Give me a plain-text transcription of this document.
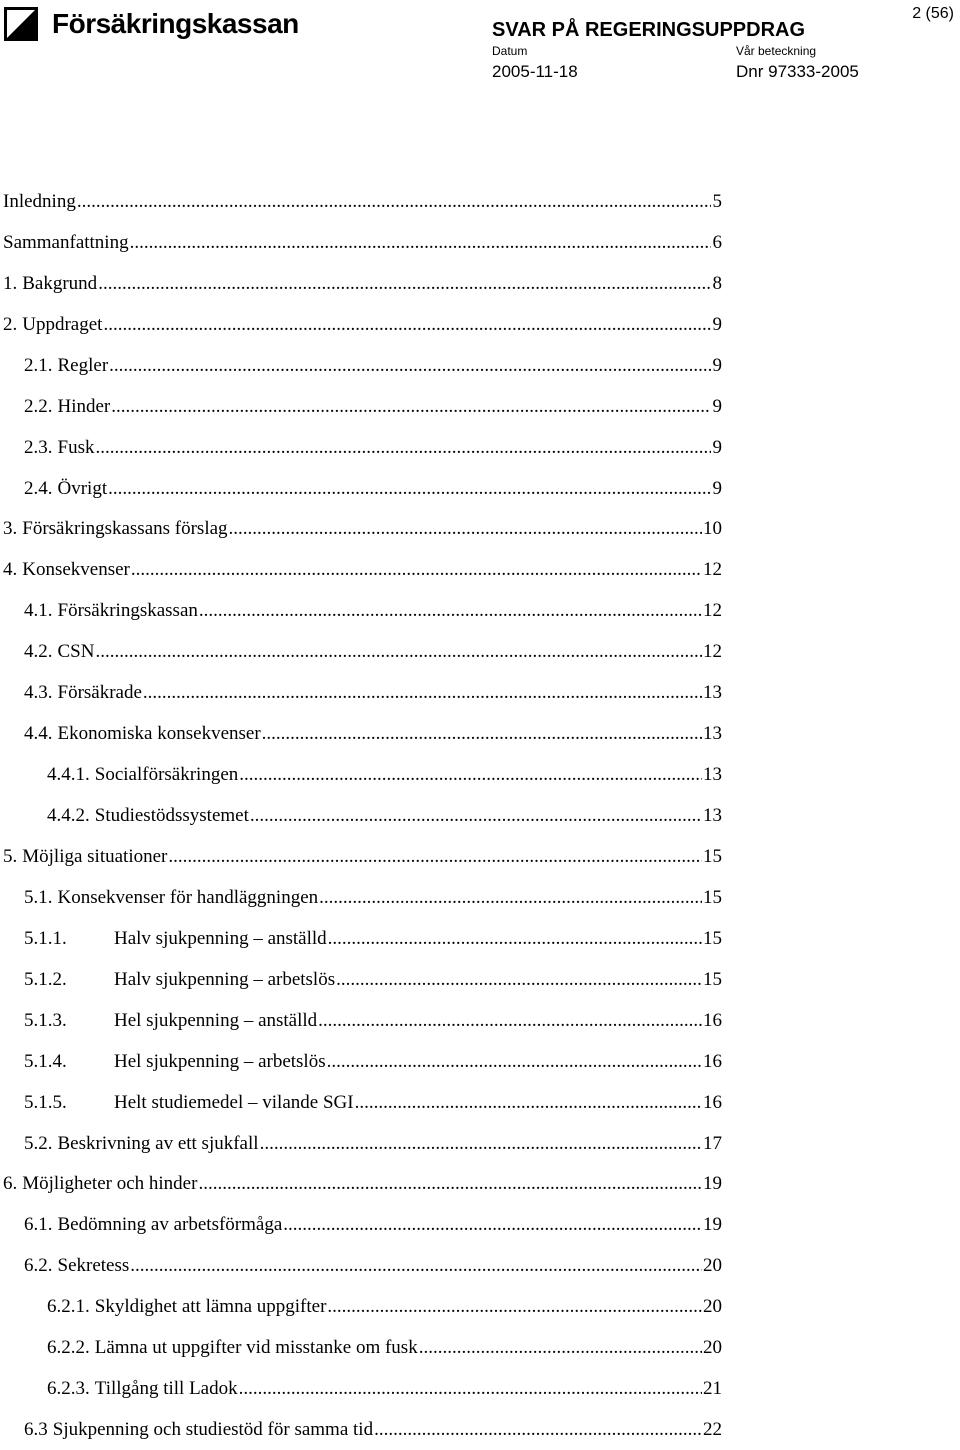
Försäkringskassan	SVAR PÅ REGERINGSUPPDRAG
Datum	Vår beteckning
2005-11-18	Dnr 97333-2005
2 (56)
Inledning .....	5
Sammanfattning .....	6
1. Bakgrund .....	8
2. Uppdraget .....	9
2.1. Regler .....	9
2.2. Hinder .....	9
2.3. Fusk .....	9
2.4. Övrigt .....	9
3. Försäkringskassans förslag .....	10
4. Konsekvenser .....	12
4.1. Försäkringskassan .....	12
4.2. CSN .....	12
4.3. Försäkrade .....	13
4.4. Ekonomiska konsekvenser .....	13
4.4.1. Socialförsäkringen .....	13
4.4.2. Studiestödssystemet .....	13
5. Möjliga situationer .....	15
5.1. Konsekvenser för handläggningen .....	15
5.1.1.	Halv sjukpenning – anställd .....	15
5.1.2.	Halv sjukpenning – arbetslös .....	15
5.1.3.	Hel sjukpenning – anställd .....	16
5.1.4.	Hel sjukpenning – arbetslös .....	16
5.1.5.	Helt studiemedel – vilande SGI .....	16
5.2. Beskrivning av ett sjukfall .....	17
6. Möjligheter och hinder .....	19
6.1. Bedömning av arbetsförmåga .....	19
6.2. Sekretess .....	20
6.2.1. Skyldighet att lämna uppgifter .....	20
6.2.2. Lämna ut uppgifter vid misstanke om fusk .....	20
6.2.3. Tillgång till Ladok .....	21
6.3 Sjukpenning och studiestöd för samma tid .....	22
